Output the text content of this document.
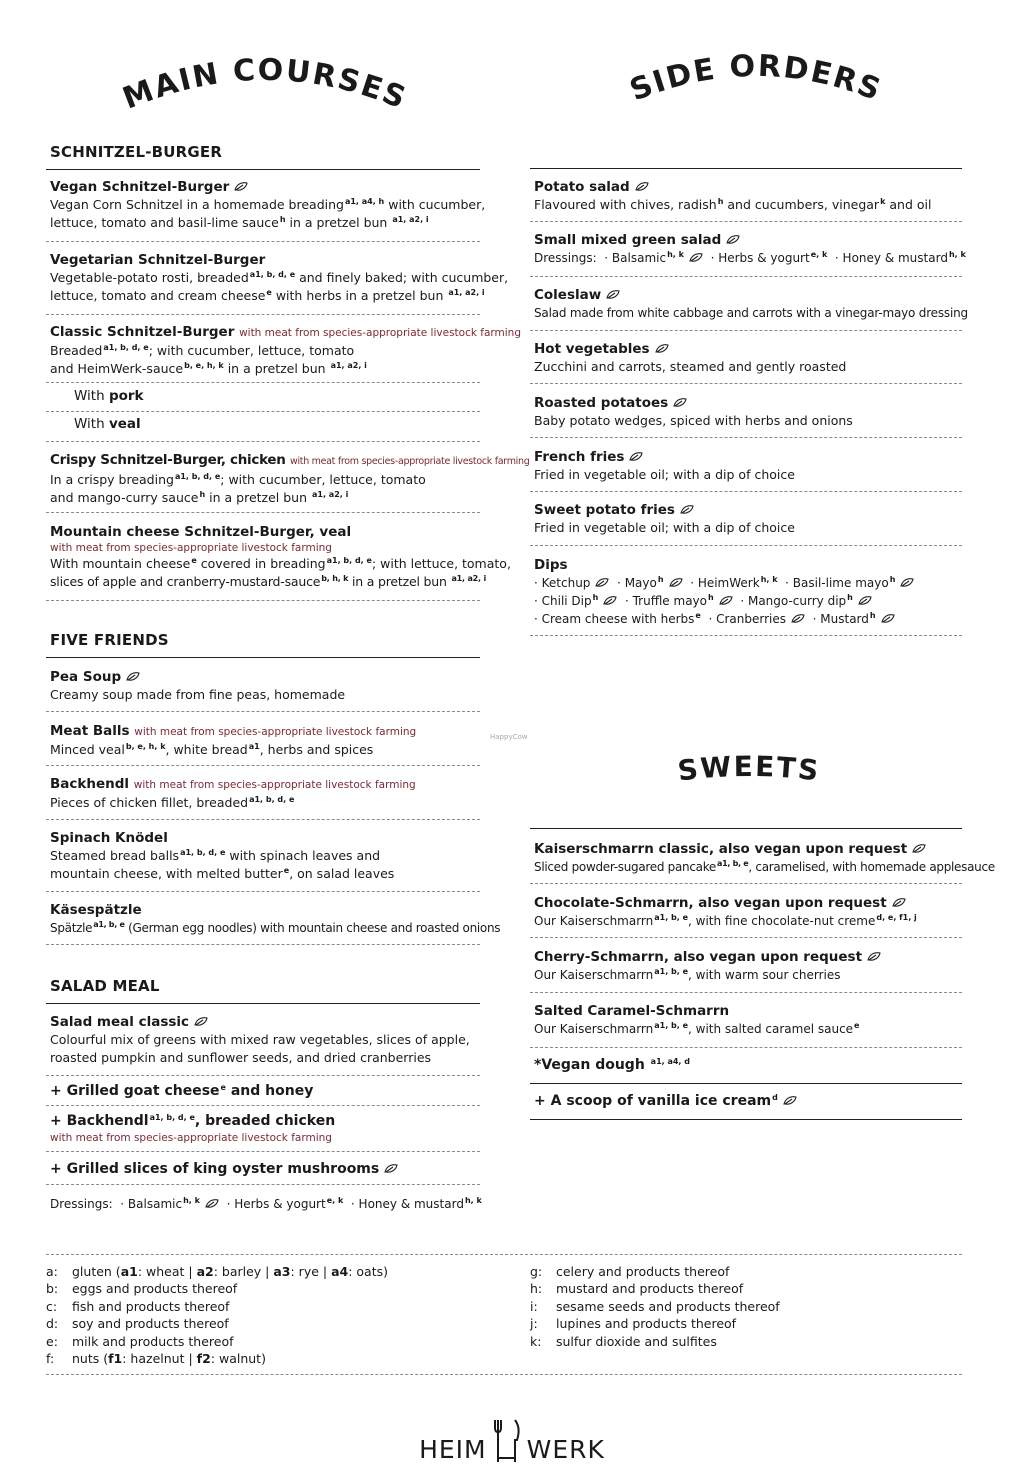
MAIN COURSES	SIDE ORDERS
SWEETS
SCHNITZEL-BURGER
Vegan Schnitzel-Burger
Vegan Corn Schnitzel in a homemade breading$^{a1, a4, h}$ with cucumber,
lettuce, tomato and basil-lime sauce$^h$ in a pretzel bun $^{a1, a2, i}$
Vegetarian Schnitzel-Burger
Vegetable-potato rosti, breaded$^{a1, b, d, e}$ and finely baked; with cucumber,
lettuce, tomato and cream cheese$^e$ with herbs in a pretzel bun $^{a1, a2, i}$
Classic Schnitzel-Burger with meat from species-appropriate livestock farming
Breaded$^{a1, b, d, e}$; with cucumber, lettuce, tomato
and HeimWerk-sauce$^{b, e, h, k}$ in a pretzel bun $^{a1, a2, i}$
With pork
With veal
Crispy Schnitzel-Burger, chicken with meat from species-appropriate livestock farming
In a crispy breading$^{a1, b, d, e}$; with cucumber, lettuce, tomato
and mango-curry sauce$^h$ in a pretzel bun $^{a1, a2, i}$
Mountain cheese Schnitzel-Burger, veal
with meat from species-appropriate livestock farming
With mountain cheese$^e$ covered in breading$^{a1, b, d, e}$; with lettuce, tomato,
slices of apple and cranberry-mustard-sauce$^{b, h, k}$ in a pretzel bun $^{a1, a2, i}$
FIVE FRIENDS
Pea Soup
Creamy soup made from fine peas, homemade
Meat Balls with meat from species-appropriate livestock farming
Minced veal$^{b, e, h, k}$, white bread$^{a1}$, herbs and spices
Backhendl with meat from species-appropriate livestock farming
Pieces of chicken fillet, breaded$^{a1, b, d, e}$
Spinach Knödel
Steamed bread balls$^{a1, b, d, e}$ with spinach leaves and
mountain cheese, with melted butter$^e$, on salad leaves
Käsespätzle
Spätzle$^{a1, b, e}$ (German egg noodles) with mountain cheese and roasted onions
SALAD MEAL
Salad meal classic
Colourful mix of greens with mixed raw vegetables, slices of apple,
roasted pumpkin and sunflower seeds, and dried cranberries
+ Grilled goat cheese$^e$ and honey
+ Backhendl$^{a1, b, d, e}$, breaded chicken
with meat from species-appropriate livestock farming
+ Grilled slices of king oyster mushrooms
Dressings: · Balsamic$^{h, k}$ · Herbs & yogurt$^{e, k}$ · Honey & mustard$^{h, k}$
Potato salad
Flavoured with chives, radish$^h$ and cucumbers, vinegar$^k$ and oil
Small mixed green salad
Dressings: · Balsamic$^{h, k}$ · Herbs & yogurt$^{e, k}$ · Honey & mustard$^{h, k}$
Coleslaw
Salad made from white cabbage and carrots with a vinegar-mayo dressing
Hot vegetables
Zucchini and carrots, steamed and gently roasted
Roasted potatoes
Baby potato wedges, spiced with herbs and onions
French fries
Fried in vegetable oil; with a dip of choice
Sweet potato fries
Fried in vegetable oil; with a dip of choice
Dips
· Ketchup · Mayo$^h$ · HeimWerk$^{h, k}$ · Basil-lime mayo$^h$
· Chili Dip$^h$ · Truffle mayo$^h$ · Mango-curry dip$^h$
· Cream cheese with herbs$^e$ · Cranberries · Mustard$^h$
HappyCow
Kaiserschmarrn classic, also vegan upon request
Sliced powder-sugared pancake$^{a1, b, e}$, caramelised, with homemade applesauce
Chocolate-Schmarrn, also vegan upon request
Our Kaiserschmarrn$^{a1, b, e}$, with fine chocolate-nut creme$^{d, e, f1, j}$
Cherry-Schmarrn, also vegan upon request
Our Kaiserschmarrn$^{a1, b, e}$, with warm sour cherries
Salted Caramel-Schmarrn
Our Kaiserschmarrn$^{a1, b, e}$, with salted caramel sauce$^e$
*Vegan dough $^{a1, a4, d}$
+ A scoop of vanilla ice cream$^d$
a: gluten (a1: wheat | a2: barley | a3: rye | a4: oats)
b: eggs and products thereof
c: fish and products thereof
d: soy and products thereof
e: milk and products thereof
f: nuts (f1: hazelnut | f2: walnut)
g: celery and products thereof
h: mustard and products thereof
i: sesame seeds and products thereof
j: lupines and products thereof
k: sulfur dioxide and sulfites
HEIM WERK
